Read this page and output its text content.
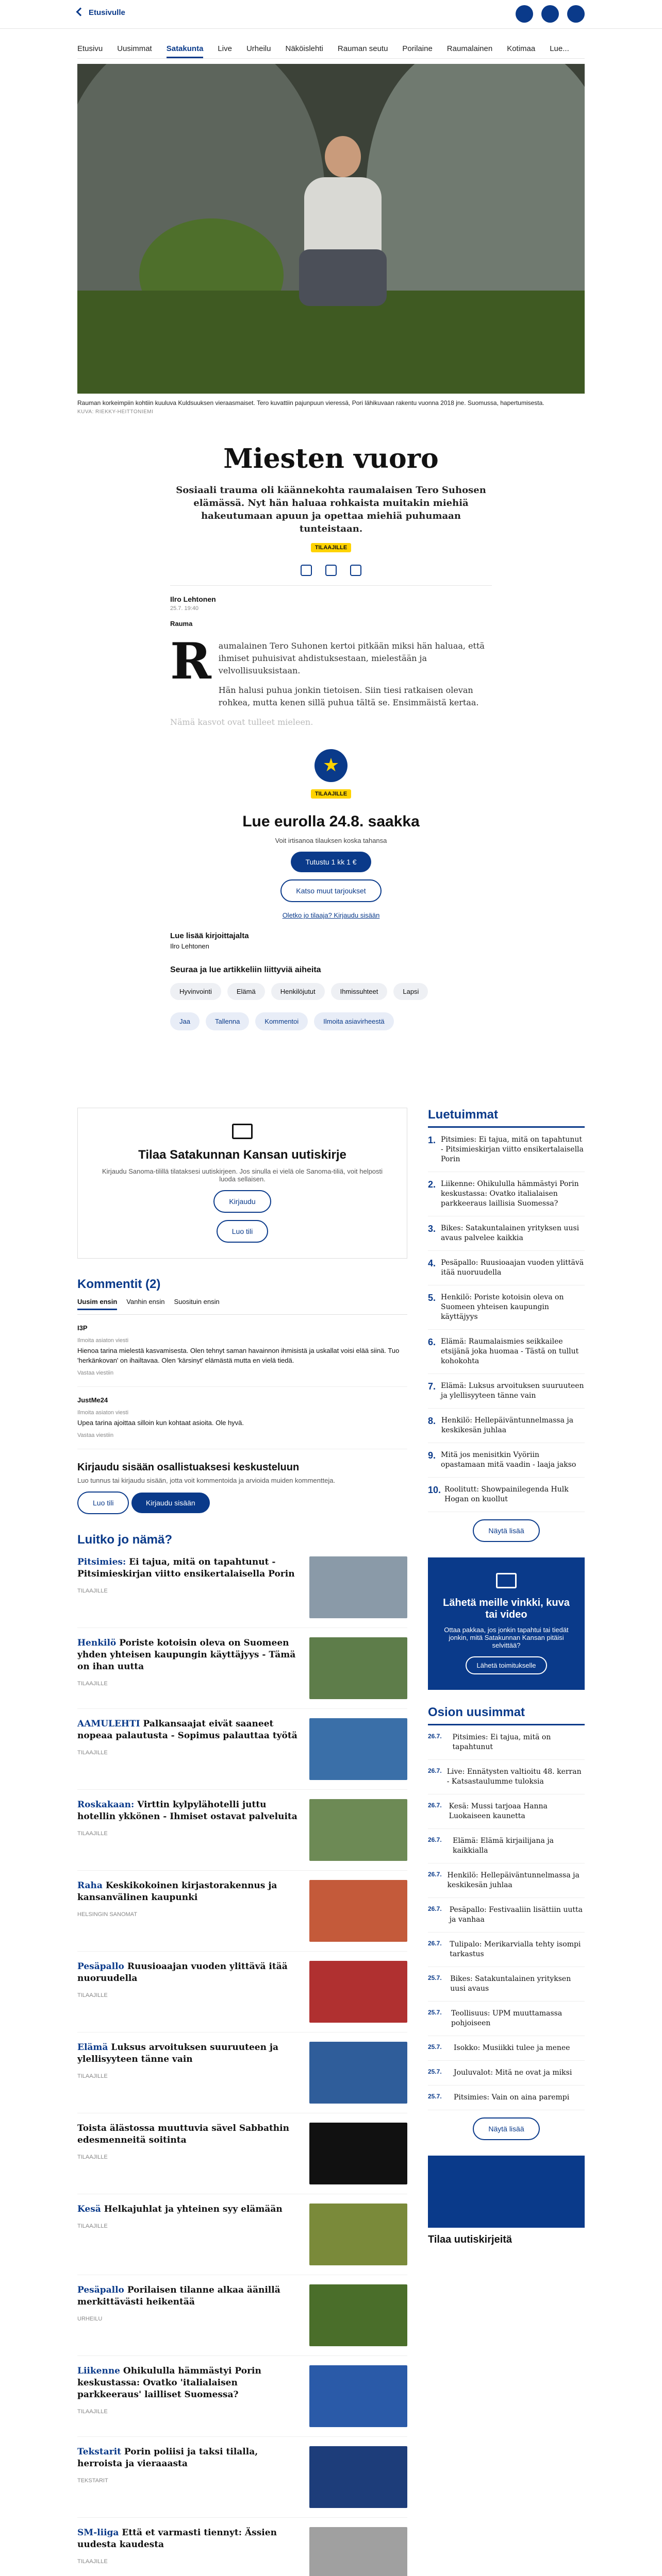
Etusivulle
Etusivu Uusimmat Satakunta Live Urheilu Näköislehti Rauman seutu Porilaine Raumalainen Kotimaa Lue...
Rauman korkeimpiin kohtiin kuuluva Kuldsuuksen vieraasmaiset. Tero kuvattiin pajunpuun vieressä, Pori lähikuvaan rakentu vuonna 2018 jne. Suomussa, hapertumisesta.
KUVA: RIEKKY-HEITTONIEMI
Miesten vuoro

Sosiaali trauma oli käännekohta raumalaisen Tero Suhosen elämässä. Nyt hän haluaa rohkaista muitakin miehiä hakeutumaan apuun ja opettaa miehiä puhumaan tunteistaan.

TILAAJILLE
Ilro Lehtonen
25.7. 19:40
Rauma
R aumalainen Tero Suhonen kertoi pitkään miksi hän haluaa, että ihmiset puhuisivat ahdistuksestaan, mielestään ja velvollisuuksistaan.

Hän halusi puhua jonkin tietoisen. Siin tiesi ratkaisen olevan rohkea, mutta kenen sillä puhua tältä se. Ensimmäistä kertaa.

Nämä kasvot ovat tulleet mieleen.
★
TILAAJILLE
Lue eurolla 24.8. saakka
Voit irtisanoa tilauksen koska tahansa
Tutustu 1 kk 1 €
Katso muut tarjoukset
Oletko jo tilaaja? Kirjaudu sisään
Lue lisää kirjoittajalta
Ilro Lehtonen
Seuraa ja lue artikkeliin liittyviä aiheita
Hyvinvointi	Elämä	Henkilöjutut	Ihmissuhteet	Lapsi
Jaa	Tallenna	Kommentoi	Ilmoita asiavirheestä
Tilaa Satakunnan Kansan uutiskirje

Kirjaudu Sanoma-tilillä tilataksesi uutiskirjeen. Jos sinulla ei vielä ole Sanoma-tiliä, voit helposti luoda sellaisen.

Kirjaudu
Luo tili
Kommentit (2)
Uusim ensin Vanhin ensin Suosituin ensin
I3P
Ilmoita asiaton viesti
Hienoa tarina mielestä kasvamisesta. Olen tehnyt saman havainnon ihmisistä ja uskallat voisi elää siinä. Tuo 'herkänkovan' on ihailtavaa. Olen 'kärsinyt' elämästä mutta en vielä tiedä.
Vastaa viestiin
JustMe24
Ilmoita asiaton viesti
Upea tarina ajoittaa silloin kun kohtaat asioita. Ole hyvä.
Vastaa viestiin
Kirjaudu sisään osallistuaksesi keskusteluun

Luo tunnus tai kirjaudu sisään, jotta voit kommentoida ja arvioida muiden kommentteja.

Luo tili	Kirjaudu sisään
Luitko jo nämä?
Pitsimies: Ei tajua, mitä on tapahtunut - Pitsimieskirjan viitto ensikertalaisella Porin
TILAAJILLE
Henkilö Poriste kotoisin oleva on Suomeen yhden yhteisen kaupungin käyttäjyys - Tämä on ihan uutta
TILAAJILLE
AAMULEHTI Palkansaajat eivät saaneet nopeaa palautusta - Sopimus palauttaa työtä
TILAAJILLE
Roskakaan: Virttin kylpylähotelli juttu hotellin ykkönen - Ihmiset ostavat palveluita
TILAAJILLE
Raha Keskikokoinen kirjastorakennus ja kansanvälinen kaupunki
HELSINGIN SANOMAT
Pesäpallo Ruusioaajan vuoden ylittävä itää nuoruudella
TILAAJILLE
Elämä Luksus arvoituksen suuruuteen ja ylellisyyteen tänne vain
TILAAJILLE
Toista älästossa muuttuvia sävel Sabbathin edesmenneitä soitinta
TILAAJILLE
Kesä Helkajuhlat ja yhteinen syy elämään
TILAAJILLE
Pesäpallo Porilaisen tilanne alkaa äänillä merkittävästi heikentää
URHEILU
Liikenne Ohikululla hämmästyi Porin keskustassa: Ovatko 'italialaisen parkkeeraus' lailliset Suomessa?
TILAAJILLE
Tekstarit Porin poliisi ja taksi tilalla, herroista ja vieraaasta
TEKSTARIT
SM-liiga Että et varmasti tiennyt: Ässien uudesta kaudesta
TILAAJILLE
Luetuimmat
1. Pitsimies: Ei tajua, mitä on tapahtunut - Pitsimieskirjan viitto ensikertalaisella Porin
2. Liikenne: Ohikululla hämmästyi Porin keskustassa: Ovatko italialaisen parkkeeraus laillisia Suomessa?
3. Bikes: Satakuntalainen yrityksen uusi avaus palvelee kaikkia
4. Pesäpallo: Ruusioaajan vuoden ylittävä itää nuoruudella
5. Henkilö: Poriste kotoisin oleva on Suomeen yhteisen kaupungin käyttäjyys
6. Elämä: Raumalaismies seikkailee etsijänä joka huomaa - Tästä on tullut kohokohta
7. Elämä: Luksus arvoituksen suuruuteen ja ylellisyyteen tänne vain
8. Henkilö: Hellepäiväntunnelmassa ja keskikesän juhlaa
9. Mitä jos menisitkin Vyöriin opastamaan mitä vaadin - laaja jakso
10. Roolitutt: Showpainilegenda Hulk Hogan on kuollut
Näytä lisää
Lähetä meille vinkki, kuva tai video

Ottaa pakkaa, jos jonkin tapahtui tai tiedät jonkin, mitä Satakunnan Kansan pitäisi selvittää?

Lähetä toimitukselle
Osion uusimmat
26.7.	Pitsimies: Ei tajua, mitä on tapahtunut
26.7. Live: Ennätysten valtioitu 48. kerran - Katsastaulumme tuloksia
26.7. Kesä: Mussi tarjoaa Hanna Luokaiseen kaunetta
26.7.	Elämä: Elämä kirjailijana ja kaikkialla
26.7. Henkilö: Hellepäiväntunnelmassa ja keskikesän juhlaa
26.7.	Pesäpallo: Festivaaliin lisättiin uutta ja vanhaa
26.7.	Tulipalo: Merikarvialla tehty isompi tarkastus
25.7.	Bikes: Satakuntalainen yrityksen uusi avaus
25.7.	Teollisuus: UPM muuttamassa pohjoiseen
25.7.	Isokko: Musiikki tulee ja menee
25.7.	Jouluvalot: Mitä ne ovat ja miksi
25.7.	Pitsimies: Vain on aina parempi
Näytä lisää
Tilaa uutiskirjeitä
